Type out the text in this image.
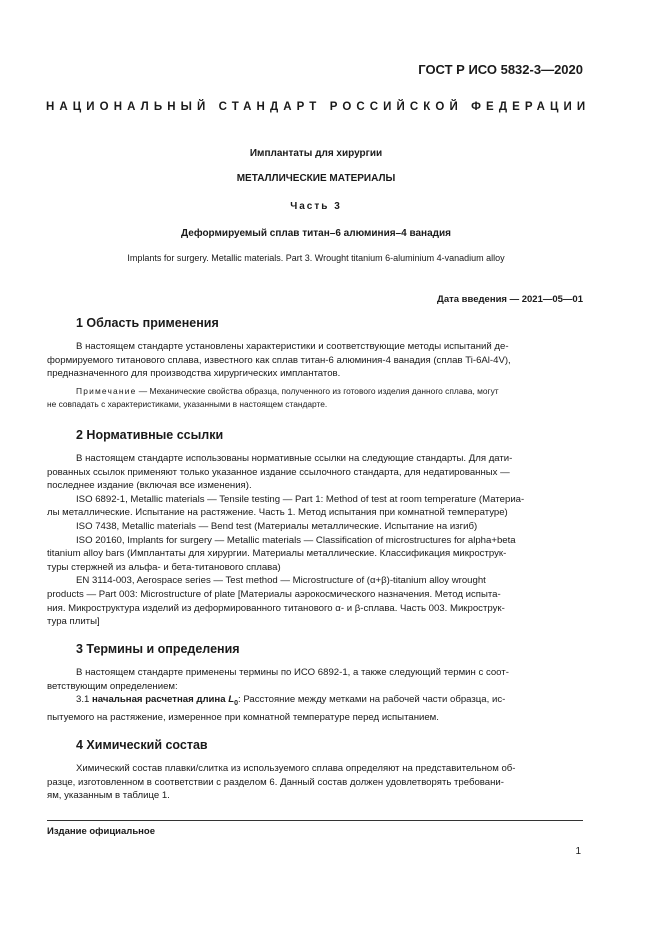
ГОСТ Р ИСО 5832-3—2020
НАЦИОНАЛЬНЫЙ СТАНДАРТ РОССИЙСКОЙ ФЕДЕРАЦИИ
Имплантаты для хирургии
МЕТАЛЛИЧЕСКИЕ МАТЕРИАЛЫ
Часть 3
Деформируемый сплав титан–6 алюминия–4 ванадия
Implants for surgery. Metallic materials. Part 3. Wrought titanium 6-aluminium 4-vanadium alloy
Дата введения — 2021—05—01
1 Область применения
В настоящем стандарте установлены характеристики и соответствующие методы испытаний де-
формируемого титанового сплава, известного как сплав титан-6 алюминия-4 ванадия (сплав Ti-6Al-4V),
предназначенного для производства хирургических имплантатов.
Примечание — Механические свойства образца, полученного из готового изделия данного сплава, могут
не совпадать с характеристиками, указанными в настоящем стандарте.
2 Нормативные ссылки
В настоящем стандарте использованы нормативные ссылки на следующие стандарты. Для дати-
рованных ссылок применяют только указанное издание ссылочного стандарта, для недатированных —
последнее издание (включая все изменения).
ISO 6892-1, Metallic materials — Tensile testing — Part 1: Method of test at room temperature (Материа-
лы металлические. Испытание на растяжение. Часть 1. Метод испытания при комнатной температуре)
ISO 7438, Metallic materials — Bend test (Материалы металлические. Испытание на изгиб)
ISO 20160, Implants for surgery — Metallic materials — Classification of microstructures for alpha+beta
titanium alloy bars (Имплантаты для хирургии. Материалы металлические. Классификация микрострук-
туры стержней из альфа- и бета-титанового сплава)
EN 3114-003, Aerospace series — Test method — Microstructure of (α+β)-titanium alloy wrought
products — Part 003: Microstructure of plate [Материалы аэрокосмического назначения. Метод испыта-
ния. Микроструктура изделий из деформированного титанового α- и β-сплава. Часть 003. Микрострук-
тура плиты]
3 Термины и определения
В настоящем стандарте применены термины по ИСО 6892-1, а также следующий термин с соот-
ветствующим определением:
3.1 начальная расчетная длина $L_0$: Расстояние между метками на рабочей части образца, ис-
пытуемого на растяжение, измеренное при комнатной температуре перед испытанием.
4 Химический состав
Химический состав плавки/слитка из используемого сплава определяют на представительном об-
разце, изготовленном в соответствии с разделом 6. Данный состав должен удовлетворять требовани-
ям, указанным в таблице 1.
Издание официальное
1
